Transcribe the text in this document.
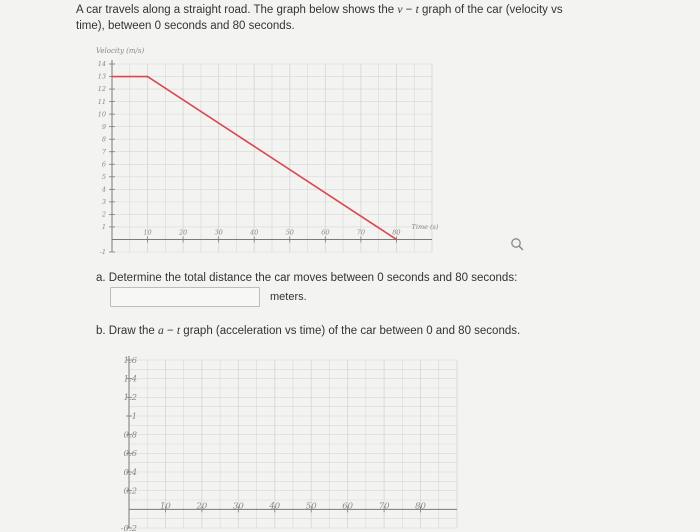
A car travels along a straight road. The graph below shows the v − t graph of the car (velocity vs
time), between 0 seconds and 80 seconds.
14
13
12
11
10
9
8
7
6
5
4
3
2
1
-1
10	20	30	40	50	60	70	80
Velocity (m/s)
Time (s)
a. Determine the total distance the car moves between 0 seconds and 80 seconds:
meters.
b. Draw the a − t graph (acceleration vs time) of the car between 0 and 80 seconds.
1.6
1.4
1.2
1
0.8
0.6
0.4
0.2
-0.2
10	20	30	40	50	60	70	80
